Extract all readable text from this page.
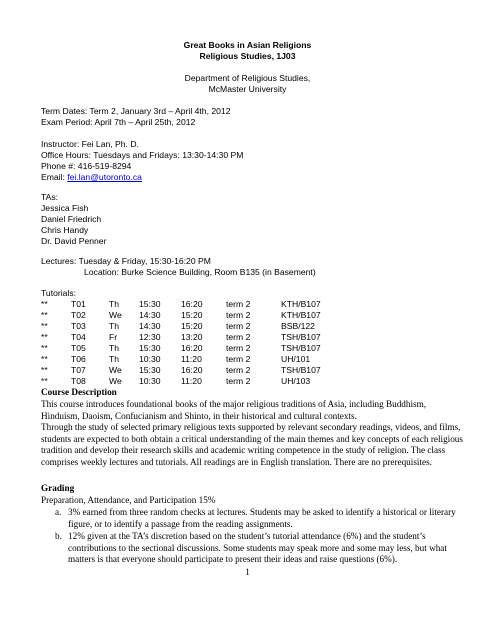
Great Books in Asian Religions
Religious Studies, 1J03
Department of Religious Studies,
McMaster University
Term Dates: Term 2, January 3rd – April 4th, 2012
Exam Period: April 7th – April 25th, 2012
Instructor: Fei Lan, Ph. D.
Office Hours: Tuesdays and Fridays: 13:30-14:30 PM
Phone #: 416-519-8294
Email: fei.lan@utoronto.ca
TAs:
Jessica Fish
Daniel Friedrich
Chris Handy
Dr. David Penner
Lectures: Tuesday & Friday, 15:30-16:20 PM
Location: Burke Science Building, Room B135 (in Basement)
Tutorials:
**	T01	Th 15:30 16:20	term 2	KTH/B107
**	T02	We 14:30 15:20	term 2	KTH/B107
**	T03	Th 14:30 15:20	term 2	BSB/122
**	T04	Fr	12:30 13:20	term 2	TSH/B107
**	T05	Th 15:30 16:20	term 2	TSH/B107
**	T06	Th 10:30 11:20	term 2	UH/101
**	T07	We 15:30 16:20	term 2	TSH/B107
**	T08	We 10:30 11:20	term 2	UH/103
Course Description
This course introduces foundational books of the major religious traditions of Asia, including Buddhism, Hinduism, Daoism, Confucianism and Shinto, in their historical and cultural contexts.
Through the study of selected primary religious texts supported by relevant secondary readings, videos, and films, students are expected to both obtain a critical understanding of the main themes and key concepts of each religious tradition and develop their research skills and academic writing competence in the study of religion. The class comprises weekly lectures and tutorials. All readings are in English translation. There are no prerequisites.
Grading
Preparation, Attendance, and Participation 15%
a. 3% earned from three random checks at lectures. Students may be asked to identify a historical or literary figure, or to identify a passage from the reading assignments.
b. 12% given at the TA’s discretion based on the student’s tutorial attendance (6%) and the student’s contributions to the sectional discussions. Some students may speak more and some may less, but what matters is that everyone should participate to present their ideas and raise questions (6%).
1
